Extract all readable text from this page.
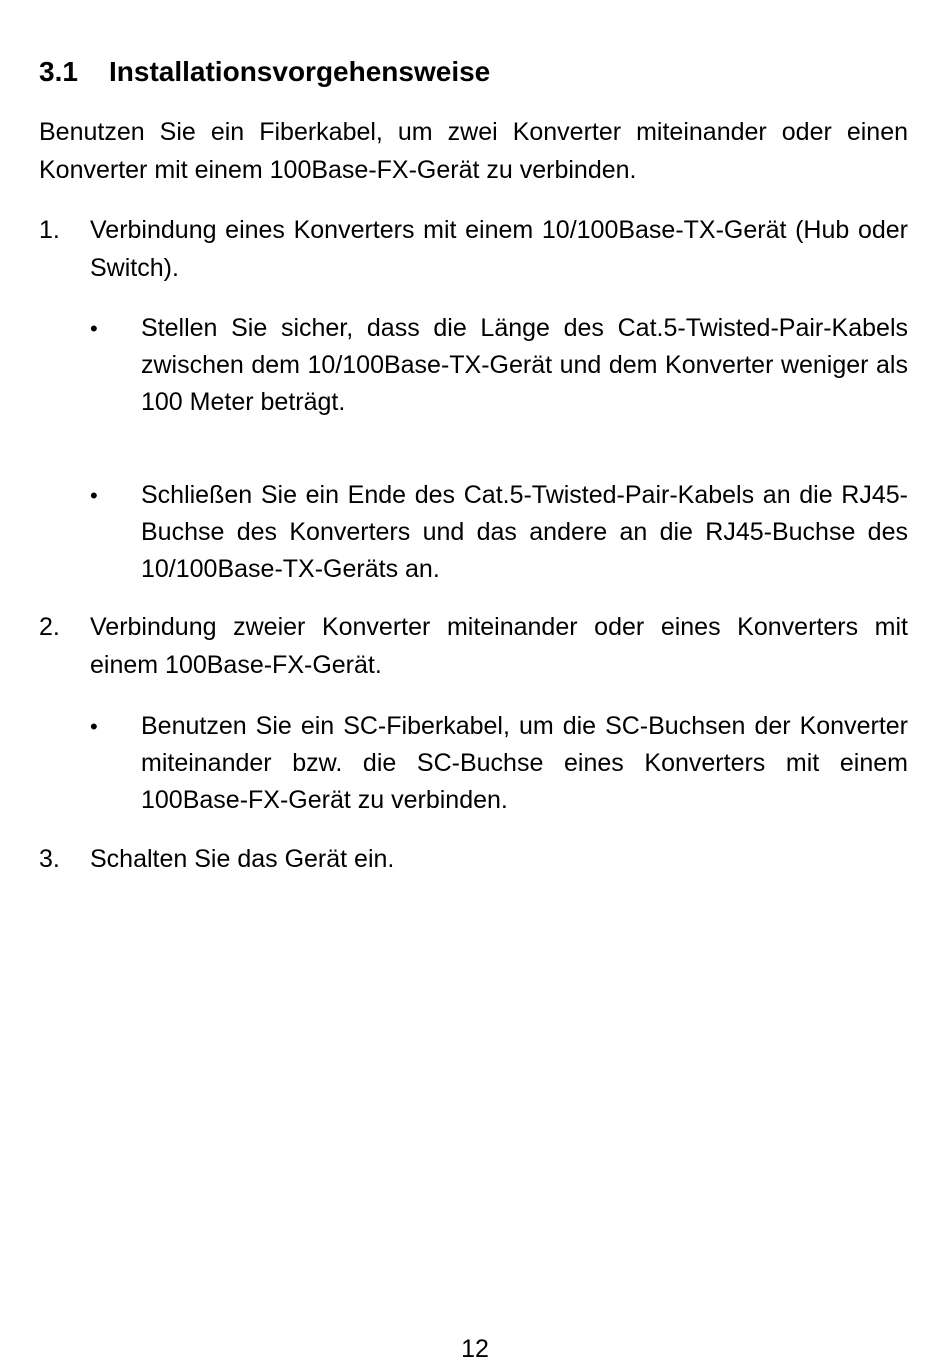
3.1 Installationsvorgehensweise

Benutzen Sie ein Fiberkabel, um zwei Konverter miteinander oder einen Konverter mit einem 100Base-FX-Gerät zu verbinden.

1. Verbindung eines Konverters mit einem 10/100Base-TX-Gerät (Hub oder Switch).

• Stellen Sie sicher, dass die Länge des Cat.5-Twisted-Pair-Kabels zwischen dem 10/100Base-TX-Gerät und dem Konverter weniger als 100 Meter beträgt.

• Schließen Sie ein Ende des Cat.5-Twisted-Pair-Kabels an die RJ45-Buchse des Konverters und das andere an die RJ45-Buchse des 10/100Base-TX-Geräts an.

2. Verbindung zweier Konverter miteinander oder eines Konverters mit einem 100Base-FX-Gerät.

• Benutzen Sie ein SC-Fiberkabel, um die SC-Buchsen der Konverter miteinander bzw. die SC-Buchse eines Konverters mit einem 100Base-FX-Gerät zu verbinden.

3. Schalten Sie das Gerät ein.

12
